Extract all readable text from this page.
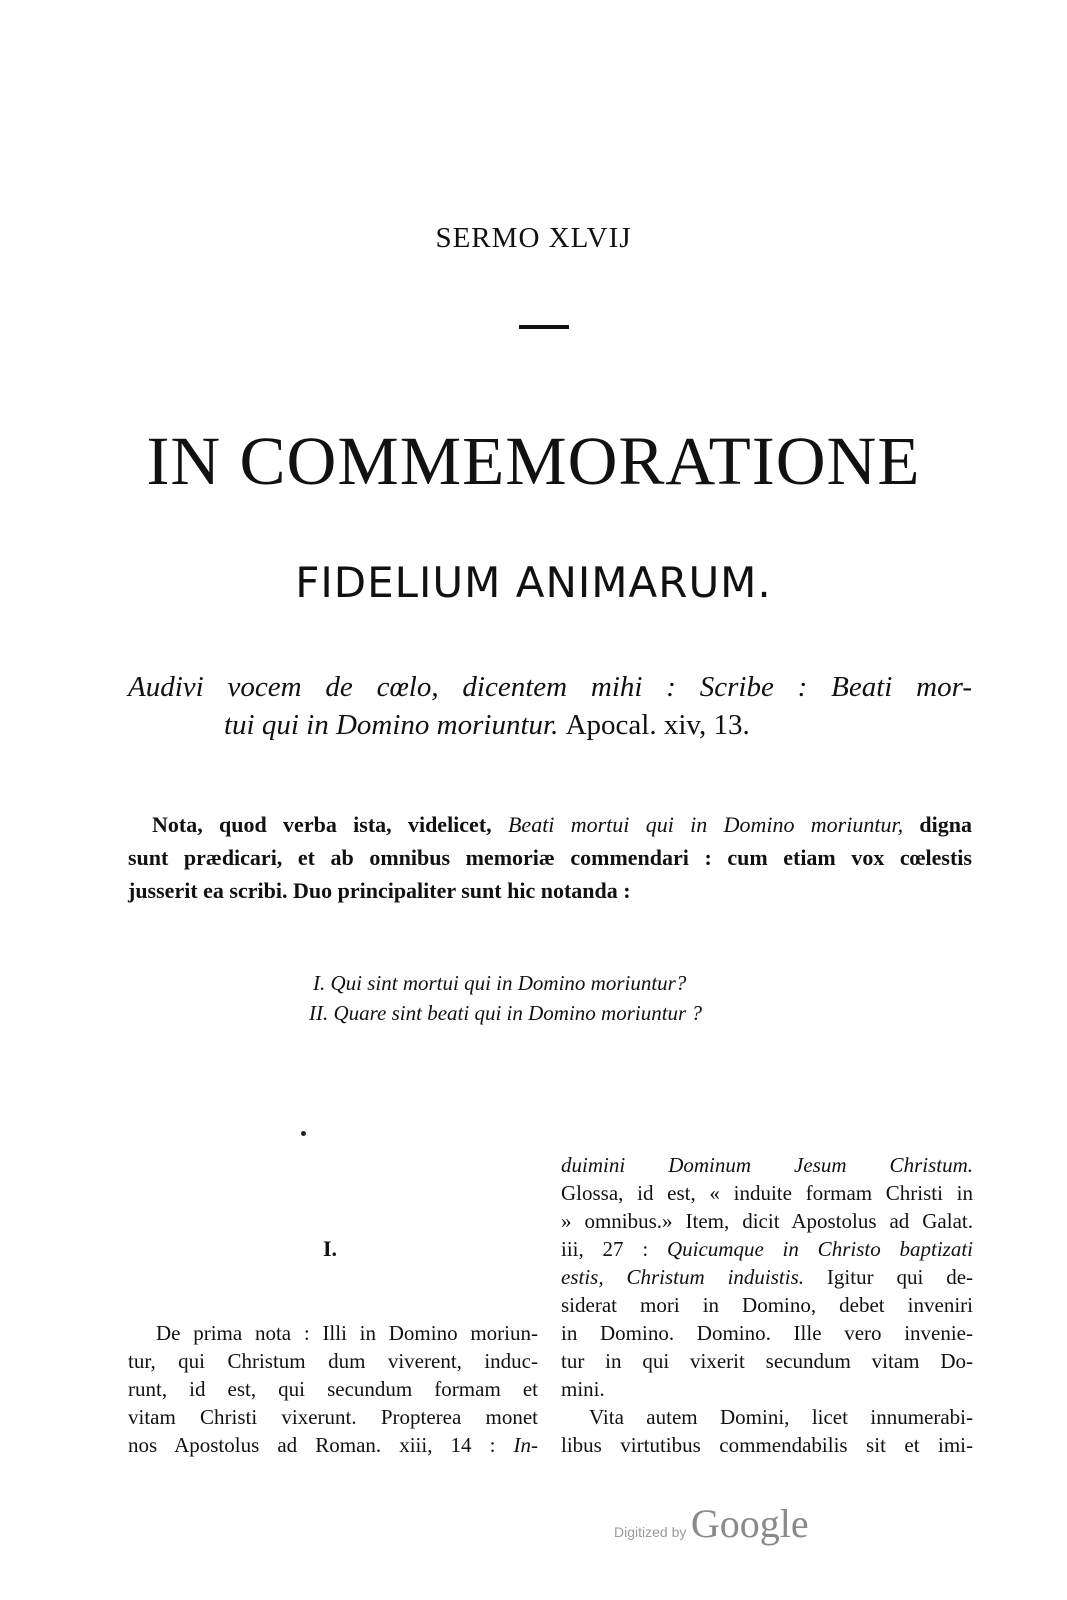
SERMO XLVIJ
IN COMMEMORATIONE
FIDELIUM ANIMARUM.
Audivi vocem de cœlo, dicentem mihi : Scribe : Beati mor-
tui qui in Domino moriuntur. Apocal. xiv, 13.
Nota, quod verba ista, videlicet, Beati mortui qui in Domino moriuntur, digna
sunt prædicari, et ab omnibus memoriæ commendari : cum etiam vox cœlestis
jusserit ea scribi. Duo principaliter sunt hic notanda :
I. Qui sint mortui qui in Domino moriuntur?
II. Quare sint beati qui in Domino moriuntur ?
I.
De prima nota : Illi in Domino moriun-
tur, qui Christum dum viverent, induc-
runt, id est, qui secundum formam et
vitam Christi vixerunt. Propterea monet
nos Apostolus ad Roman. xiii, 14 : In-
duimini Dominum Jesum Christum.
Glossa, id est, « induite formam Christi in
» omnibus.» Item, dicit Apostolus ad Galat.
iii, 27 : Quicumque in Christo baptizati
estis, Christum induistis. Igitur qui de-
siderat mori in Domino, debet inveniri
in Domino. Domino. Ille vero invenie-
tur in qui vixerit secundum vitam Do-
mini.
Vita autem Domini, licet innumerabi-
libus virtutibus commendabilis sit et imi-
Digitized by Google
